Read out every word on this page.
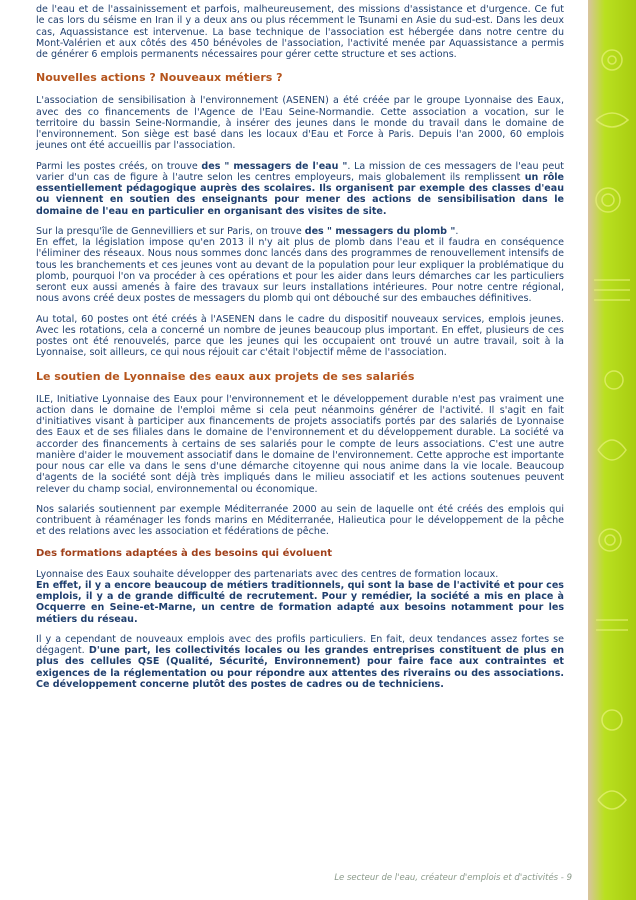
de l'eau et de l'assainissement et parfois, malheureusement, des missions d'assistance et d'urgence. Ce fut le cas lors du séisme en Iran il y a deux ans ou plus récemment le Tsunami en Asie du sud-est. Dans les deux cas, Aquassistance est intervenue. La base technique de l'association est hébergée dans notre centre du Mont-Valérien et aux côtés des 450 bénévoles de l'association, l'activité menée par Aquassistance a permis de générer 6 emplois permanents nécessaires pour gérer cette structure et ses actions.

Nouvelles actions ? Nouveaux métiers ?

L'association de sensibilisation à l'environnement (ASENEN) a été créée par le groupe Lyonnaise des Eaux, avec des co financements de l'Agence de l'Eau Seine-Normandie. Cette association a vocation, sur le territoire du bassin Seine-Normandie, à insérer des jeunes dans le monde du travail dans le domaine de l'environnement. Son siège est basé dans les locaux d'Eau et Force à Paris. Depuis l'an 2000, 60 emplois jeunes ont été accueillis par l'association.

Parmi les postes créés, on trouve des " messagers de l'eau ". La mission de ces messagers de l'eau peut varier d'un cas de figure à l'autre selon les centres employeurs, mais globalement ils remplissent un rôle essentiellement pédagogique auprès des scolaires. Ils organisent par exemple des classes d'eau ou viennent en soutien des enseignants pour mener des actions de sensibilisation dans le domaine de l'eau en particulier en organisant des visites de site.

Sur la presqu'île de Gennevilliers et sur Paris, on trouve des " messagers du plomb ".
En effet, la législation impose qu'en 2013 il n'y ait plus de plomb dans l'eau et il faudra en conséquence l'éliminer des réseaux. Nous nous sommes donc lancés dans des programmes de renouvellement intensifs de tous les branchements et ces jeunes vont au devant de la population pour leur expliquer la problématique du plomb, pourquoi l'on va procéder à ces opérations et pour les aider dans leurs démarches car les particuliers seront eux aussi amenés à faire des travaux sur leurs installations intérieures. Pour notre centre régional, nous avons créé deux postes de messagers du plomb qui ont débouché sur des embauches définitives.

Au total, 60 postes ont été créés à l'ASENEN dans le cadre du dispositif nouveaux services, emplois jeunes. Avec les rotations, cela a concerné un nombre de jeunes beaucoup plus important. En effet, plusieurs de ces postes ont été renouvelés, parce que les jeunes qui les occupaient ont trouvé un autre travail, soit à la Lyonnaise, soit ailleurs, ce qui nous réjouit car c'était l'objectif même de l'association.

Le soutien de Lyonnaise des eaux aux projets de ses salariés

ILE, Initiative Lyonnaise des Eaux pour l'environnement et le développement durable n'est pas vraiment une action dans le domaine de l'emploi même si cela peut néanmoins générer de l'activité. Il s'agit en fait d'initiatives visant à participer aux financements de projets associatifs portés par des salariés de Lyonnaise des Eaux et de ses filiales dans le domaine de l'environnement et du développement durable. La société va accorder des financements à certains de ses salariés pour le compte de leurs associations. C'est une autre manière d'aider le mouvement associatif dans le domaine de l'environnement. Cette approche est importante pour nous car elle va dans le sens d'une démarche citoyenne qui nous anime dans la vie locale. Beaucoup d'agents de la société sont déjà très impliqués dans le milieu associatif et les actions soutenues peuvent relever du champ social, environnemental ou économique.

Nos salariés soutiennent par exemple Méditerranée 2000 au sein de laquelle ont été créés des emplois qui contribuent à réaménager les fonds marins en Méditerranée, Halieutica pour le développement de la pêche et des relations avec les association et fédérations de pêche.

Des formations adaptées à des besoins qui évoluent

Lyonnaise des Eaux souhaite développer des partenariats avec des centres de formation locaux.
En effet, il y a encore beaucoup de métiers traditionnels, qui sont la base de l'activité et pour ces emplois, il y a de grande difficulté de recrutement. Pour y remédier, la société a mis en place à Ocquerre en Seine-et-Marne, un centre de formation adapté aux besoins notamment pour les métiers du réseau.

Il y a cependant de nouveaux emplois avec des profils particuliers. En fait, deux tendances assez fortes se dégagent. D'une part, les collectivités locales ou les grandes entreprises constituent de plus en plus des cellules QSE (Qualité, Sécurité, Environnement) pour faire face aux contraintes et exigences de la réglementation ou pour répondre aux attentes des riverains ou des associations. Ce développement concerne plutôt des postes de cadres ou de techniciens.

Le secteur de l'eau, créateur d'emplois et d'activités - 9
